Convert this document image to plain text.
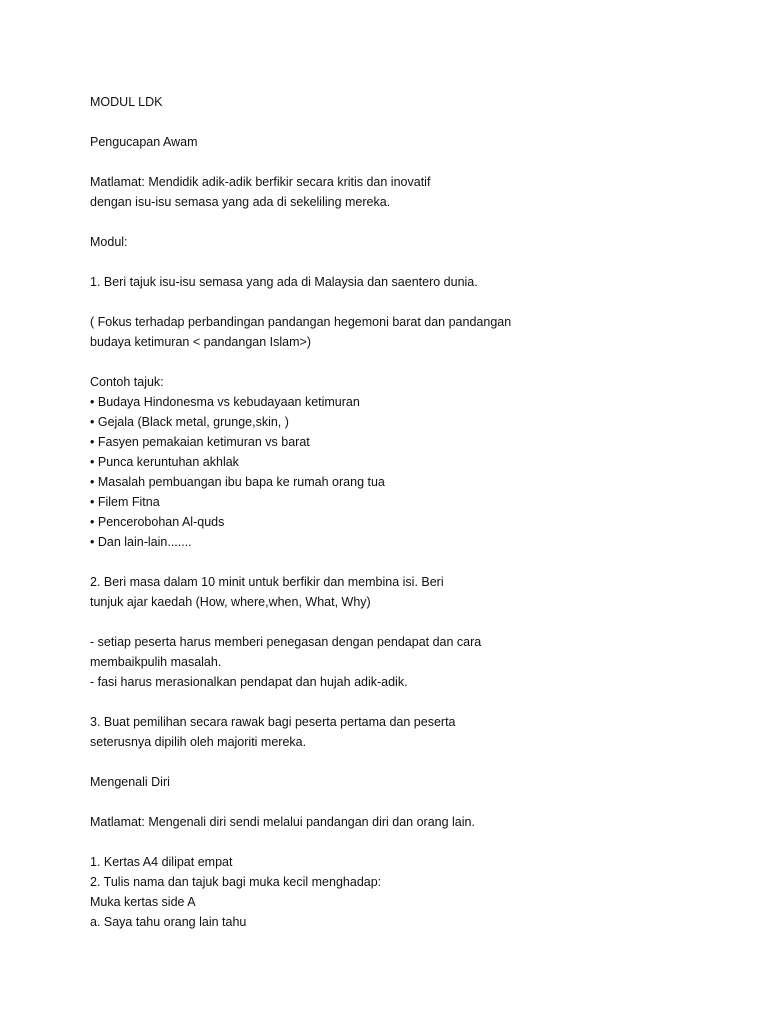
MODUL LDK

Pengucapan Awam

Matlamat: Mendidik adik-adik berfikir secara kritis dan inovatif

dengan isu-isu semasa yang ada di sekeliling mereka.

Modul:

1. Beri tajuk isu-isu semasa yang ada di Malaysia dan saentero dunia.

( Fokus terhadap perbandingan pandangan hegemoni barat dan pandangan

budaya ketimuran < pandangan Islam>)

Contoh tajuk:

• Budaya Hindonesma vs kebudayaan ketimuran
• Gejala (Black metal, grunge,skin, )
• Fasyen pemakaian ketimuran vs barat
• Punca keruntuhan akhlak
• Masalah pembuangan ibu bapa ke rumah orang tua
• Filem Fitna
• Pencerobohan Al-quds
• Dan lain-lain.......

2. Beri masa dalam 10 minit untuk berfikir dan membina isi. Beri

tunjuk ajar kaedah (How, where,when, What, Why)

- setiap peserta harus memberi penegasan dengan pendapat dan cara

membaikpulih masalah.

- fasi harus merasionalkan pendapat dan hujah adik-adik.

3. Buat pemilihan secara rawak bagi peserta pertama dan peserta

seterusnya dipilih oleh majoriti mereka.

Mengenali Diri

Matlamat: Mengenali diri sendi melalui pandangan diri dan orang lain.

1. Kertas A4 dilipat empat

2. Tulis nama dan tajuk bagi muka kecil menghadap:

Muka kertas side A

a. Saya tahu orang lain tahu
